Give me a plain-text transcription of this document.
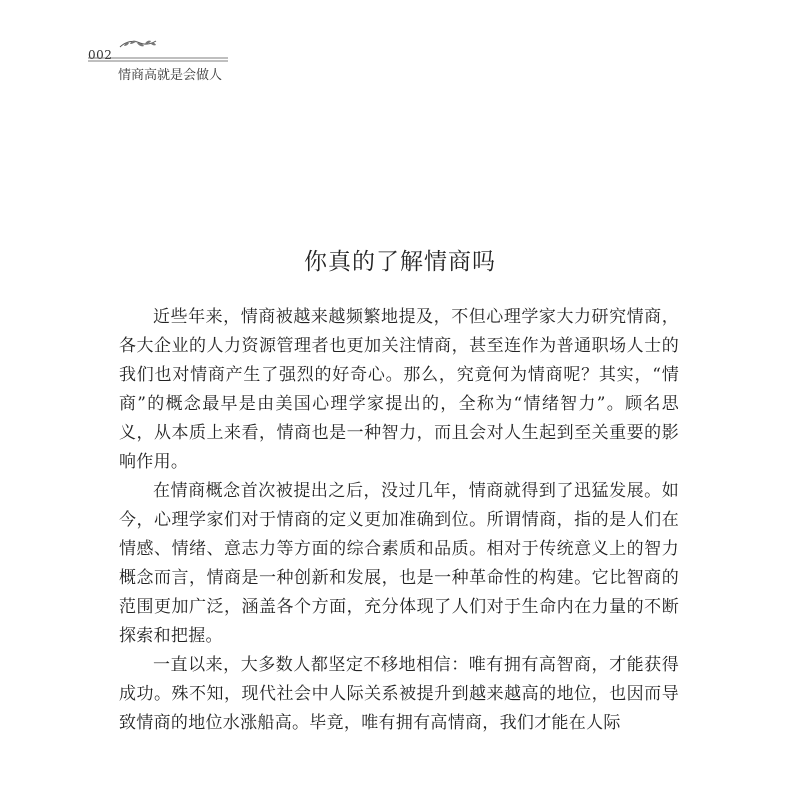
002
情商高就是会做人
你真的了解情商吗

近些年来，情商被越来越频繁地提及，不但心理学家大力研究情商，各大企业的人力资源管理者也更加关注情商，甚至连作为普通职场人士的我们也对情商产生了强烈的好奇心。那么，究竟何为情商呢？其实，“情商”的概念最早是由美国心理学家提出的，全称为“情绪智力”。顾名思义，从本质上来看，情商也是一种智力，而且会对人生起到至关重要的影响作用。

在情商概念首次被提出之后，没过几年，情商就得到了迅猛发展。如今，心理学家们对于情商的定义更加准确到位。所谓情商，指的是人们在情感、情绪、意志力等方面的综合素质和品质。相对于传统意义上的智力概念而言，情商是一种创新和发展，也是一种革命性的构建。它比智商的范围更加广泛，涵盖各个方面，充分体现了人们对于生命内在力量的不断探索和把握。

一直以来，大多数人都坚定不移地相信：唯有拥有高智商，才能获得成功。殊不知，现代社会中人际关系被提升到越来越高的地位，也因而导致情商的地位水涨船高。毕竟，唯有拥有高情商，我们才能在人际
